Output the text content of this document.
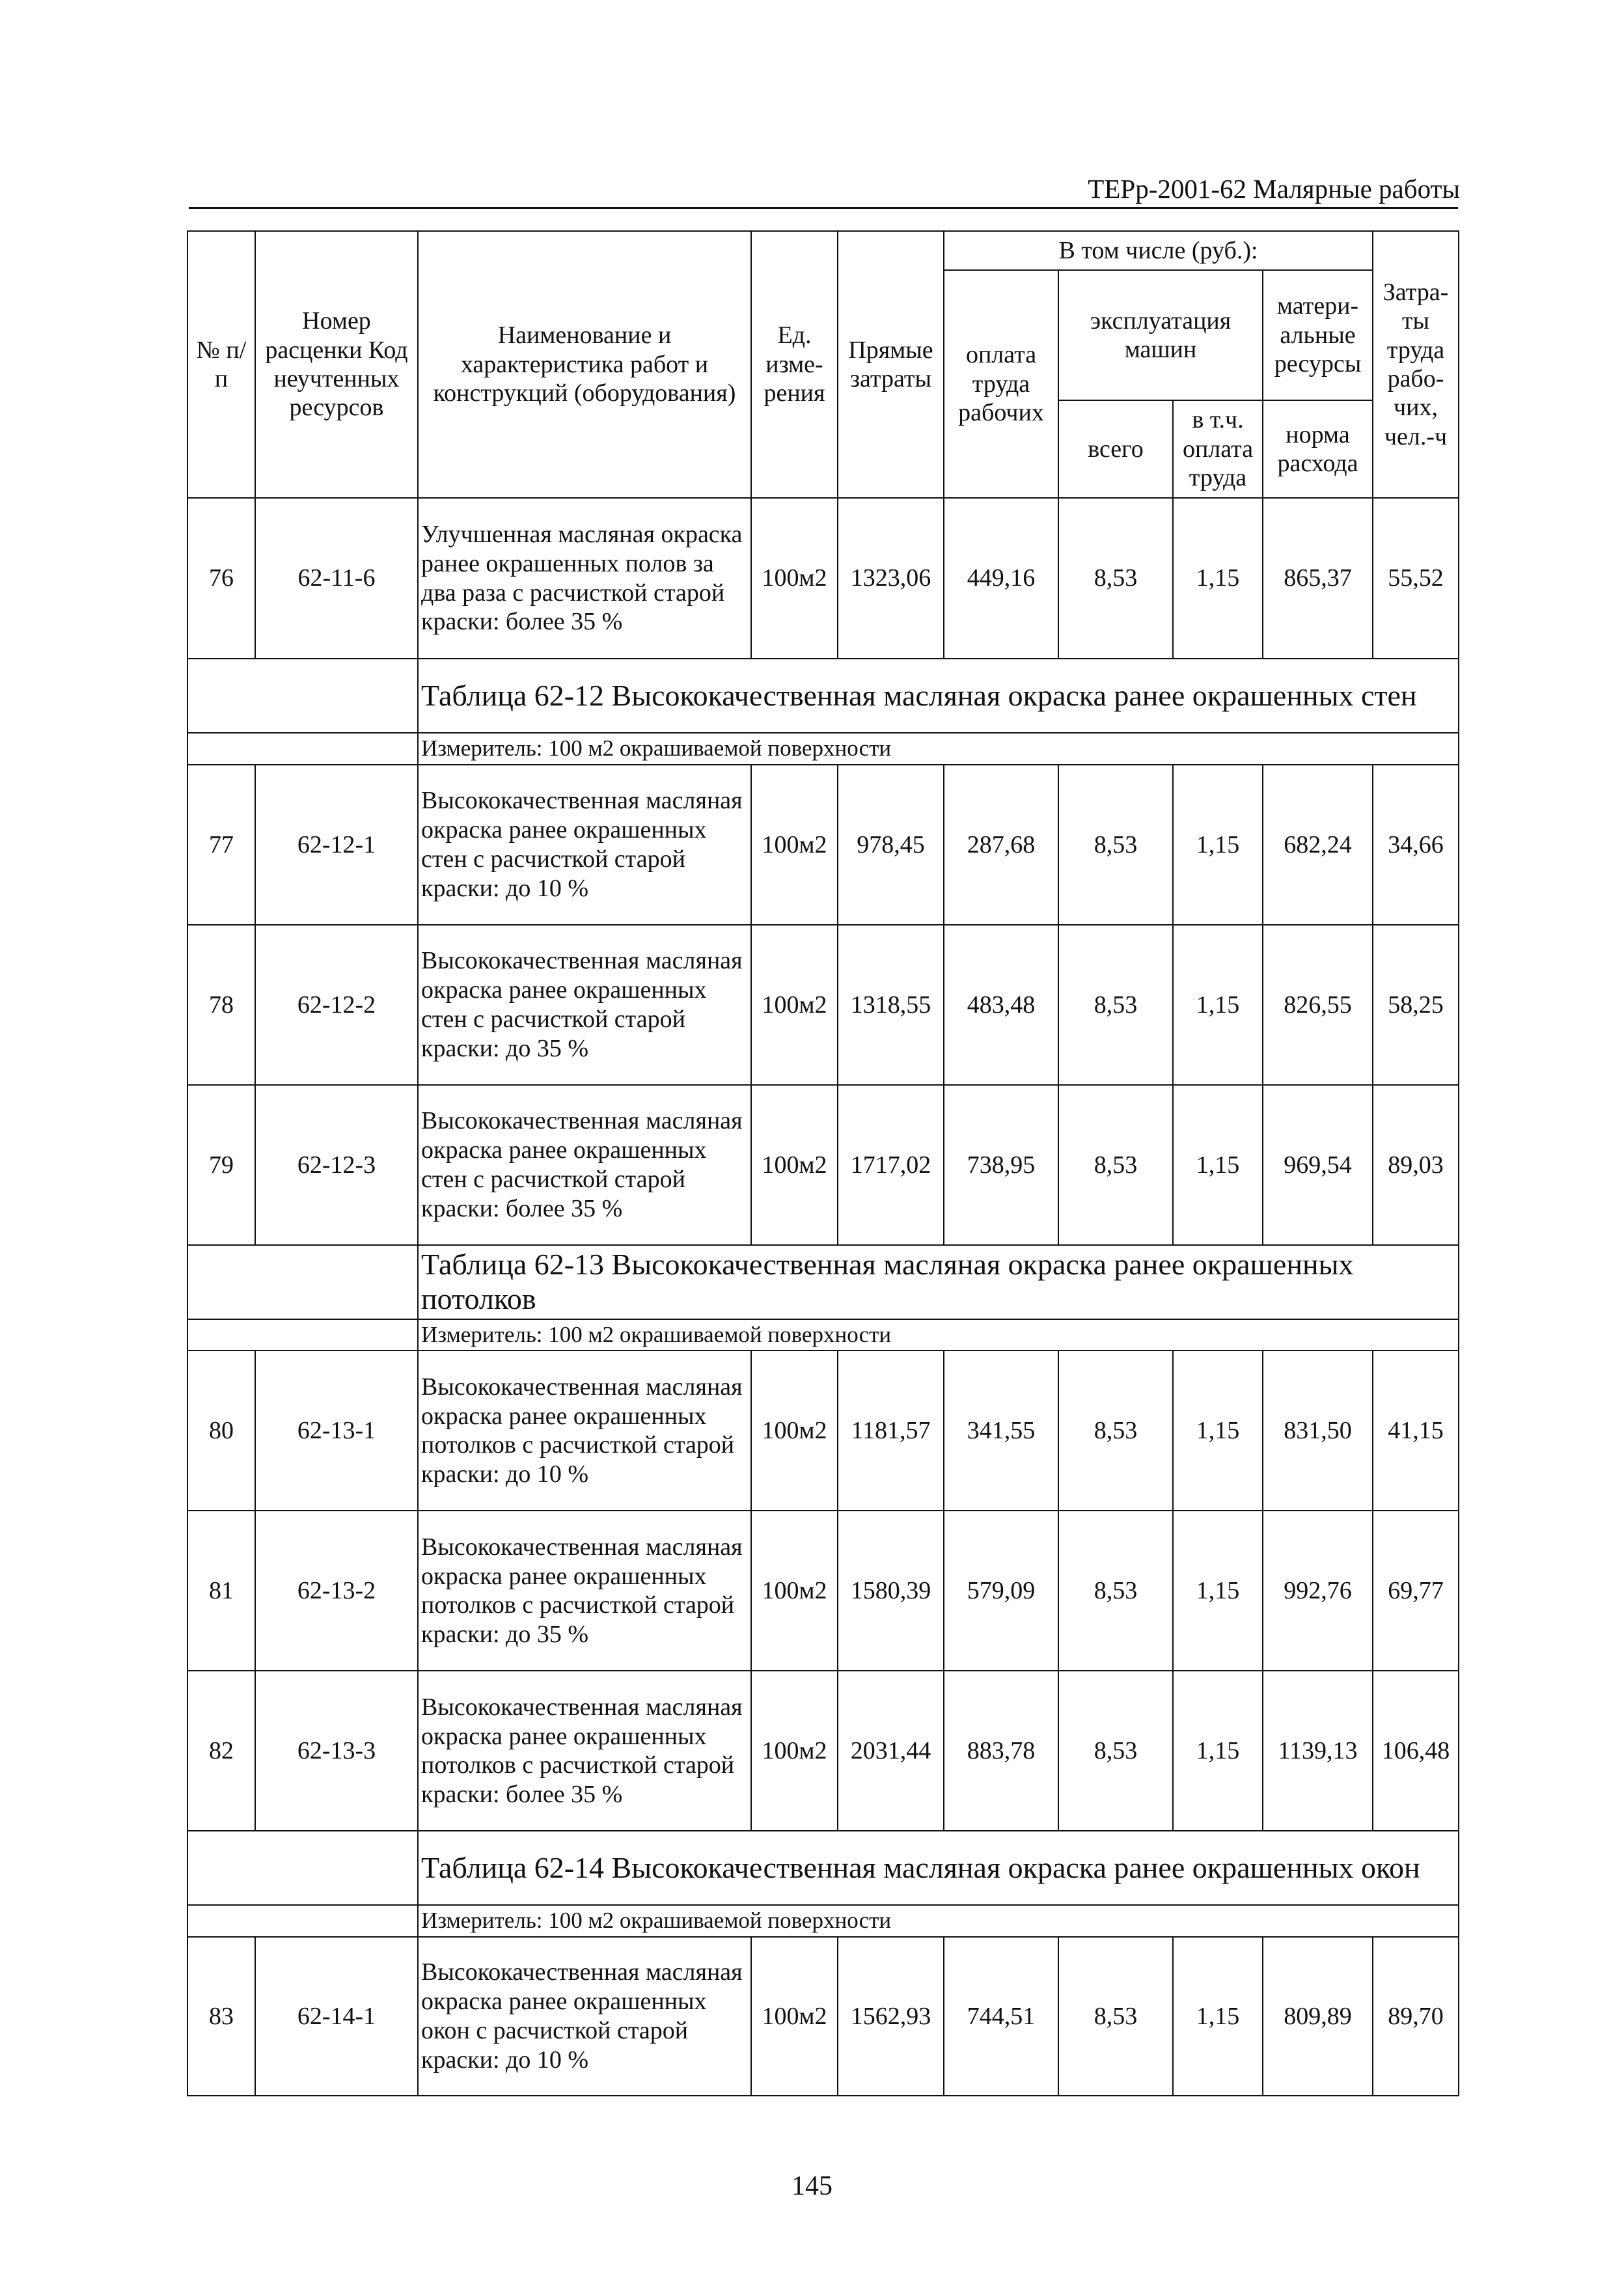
ТЕРр-2001-62 Малярные работы
№ п/п	Номер расценки Код неучтенных ресурсов	Наименование и характеристика работ и конструкций (оборудования)	Ед. изме-рения	Прямые затраты	В том числе (руб.):				Затра-ты труда рабо-чих, чел.-ч
					оплата труда рабочих	эксплуатация машин		матери-альные ресурсы	
						всего	в т.ч. оплата труда	норма расхода	
76	62-11-6	Улучшенная масляная окраска ранее окрашенных полов за два раза с расчисткой старой краски: более 35 %	100м2	1323,06	449,16	8,53	1,15	865,37	55,52
		Таблица 62-12 Высококачественная масляная окраска ранее окрашенных стен							
		Измеритель: 100 м2 окрашиваемой поверхности							
77	62-12-1	Высококачественная масляная окраска ранее окрашенных стен с расчисткой старой краски: до 10 %	100м2	978,45	287,68	8,53	1,15	682,24	34,66
78	62-12-2	Высококачественная масляная окраска ранее окрашенных стен с расчисткой старой краски: до 35 %	100м2	1318,55	483,48	8,53	1,15	826,55	58,25
79	62-12-3	Высококачественная масляная окраска ранее окрашенных стен с расчисткой старой краски: более 35 %	100м2	1717,02	738,95	8,53	1,15	969,54	89,03
		Таблица 62-13 Высококачественная масляная окраска ранее окрашенных потолков							
		Измеритель: 100 м2 окрашиваемой поверхности							
80	62-13-1	Высококачественная масляная окраска ранее окрашенных потолков с расчисткой старой краски: до 10 %	100м2	1181,57	341,55	8,53	1,15	831,50	41,15
81	62-13-2	Высококачественная масляная окраска ранее окрашенных потолков с расчисткой старой краски: до 35 %	100м2	1580,39	579,09	8,53	1,15	992,76	69,77
82	62-13-3	Высококачественная масляная окраска ранее окрашенных потолков с расчисткой старой краски: более 35 %	100м2	2031,44	883,78	8,53	1,15	1139,13	106,48
		Таблица 62-14 Высококачественная масляная окраска ранее окрашенных окон							
		Измеритель: 100 м2 окрашиваемой поверхности							
83	62-14-1	Высококачественная масляная окраска ранее окрашенных окон с расчисткой старой краски: до 10 %	100м2	1562,93	744,51	8,53	1,15	809,89	89,70
145
